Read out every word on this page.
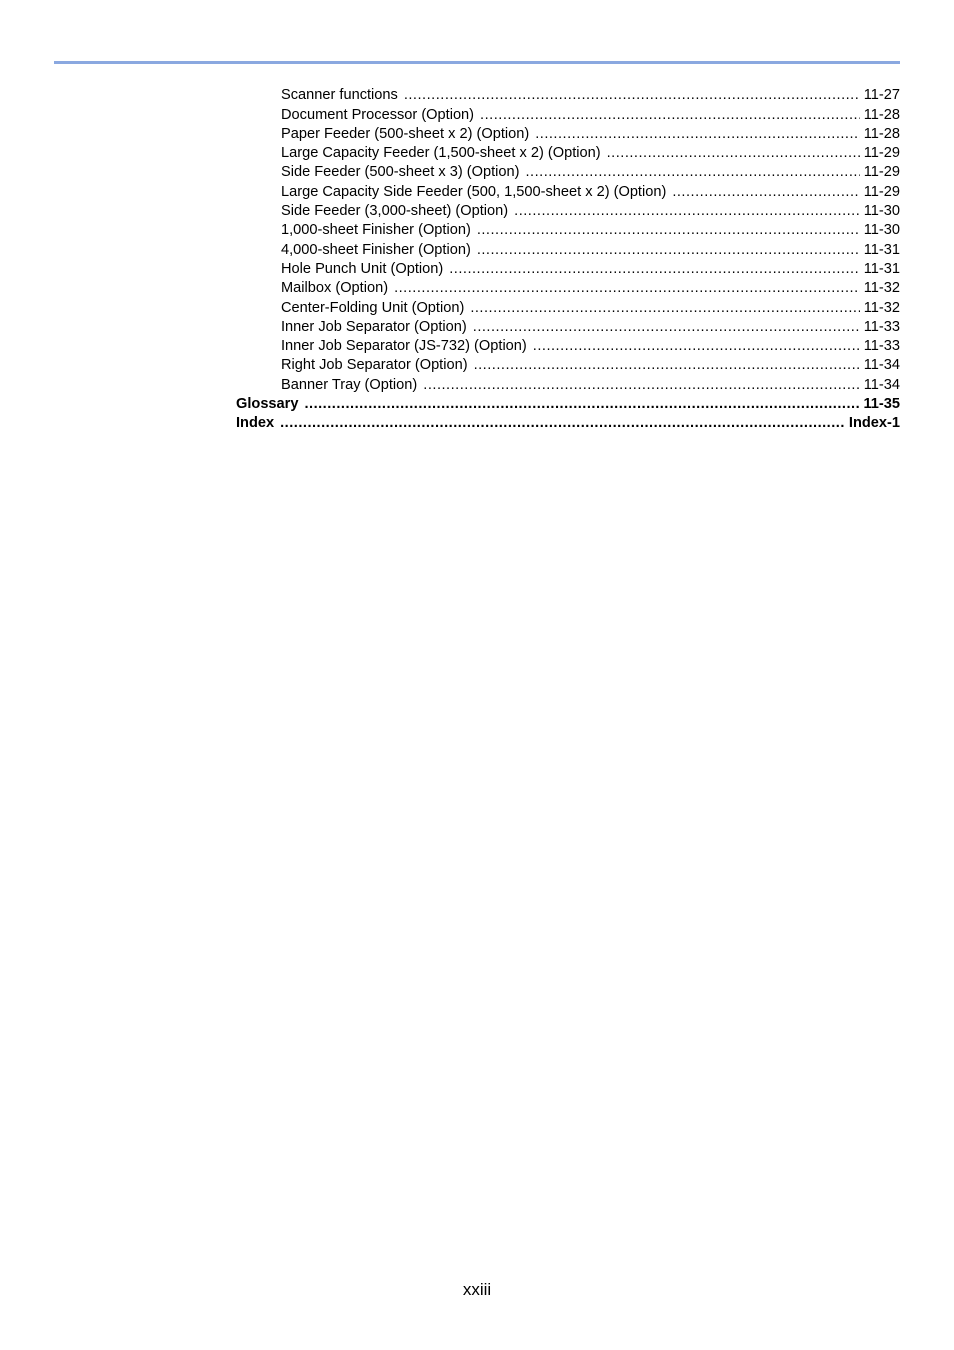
Scanner functions .....	11-27
Document Processor (Option) .....	11-28
Paper Feeder (500-sheet x 2) (Option) .....	11-28
Large Capacity Feeder (1,500-sheet x 2) (Option) .....	11-29
Side Feeder (500-sheet x 3) (Option) .....	11-29
Large Capacity Side Feeder (500, 1,500-sheet x 2) (Option) .....	11-29
Side Feeder (3,000-sheet) (Option) .....	11-30
1,000-sheet Finisher (Option) .....	11-30
4,000-sheet Finisher (Option) .....	11-31
Hole Punch Unit (Option) .....	11-31
Mailbox (Option) .....	11-32
Center-Folding Unit (Option) .....	11-32
Inner Job Separator (Option) .....	11-33
Inner Job Separator (JS-732) (Option) .....	11-33
Right Job Separator (Option) .....	11-34
Banner Tray (Option) .....	11-34
Glossary .....	11-35
Index .....	Index-1
xxiii
